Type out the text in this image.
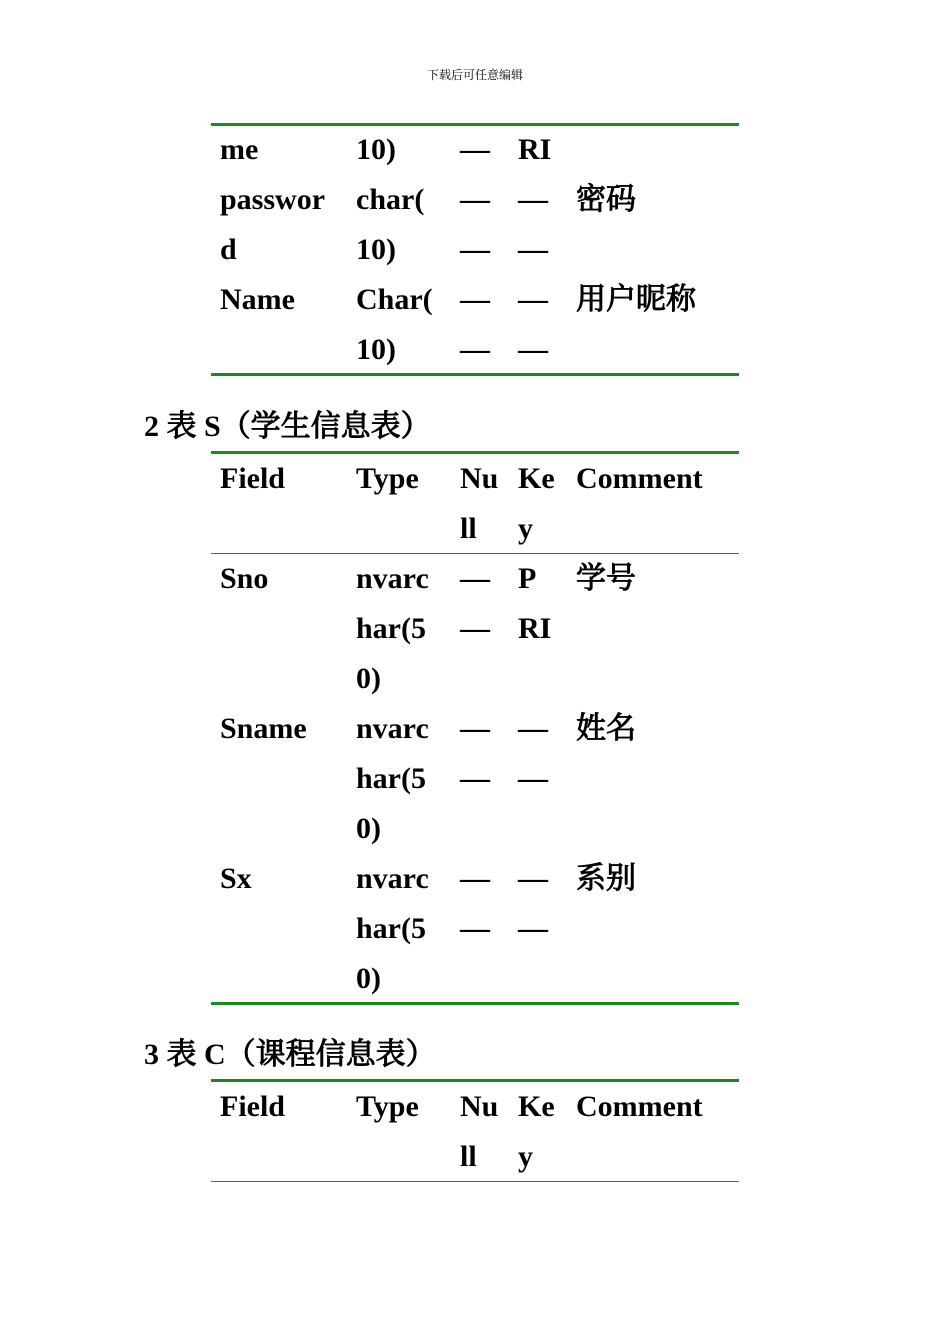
下载后可任意编辑
me	10) — RI
passwor char( — — 密码
d	10) — —
Name Char( — — 用户昵称
10) — —
2 表 S（学生信息表）
Field Type Nu Ke Comment
ll y
Sno	nvarc — P 学号
har(5 — RI
0)
Sname nvarc — — 姓名
har(5 — —
0)
Sx	nvarc — — 系别
har(5 — —
0)
3 表 C（课程信息表）
Field Type Nu Ke Comment
ll y
